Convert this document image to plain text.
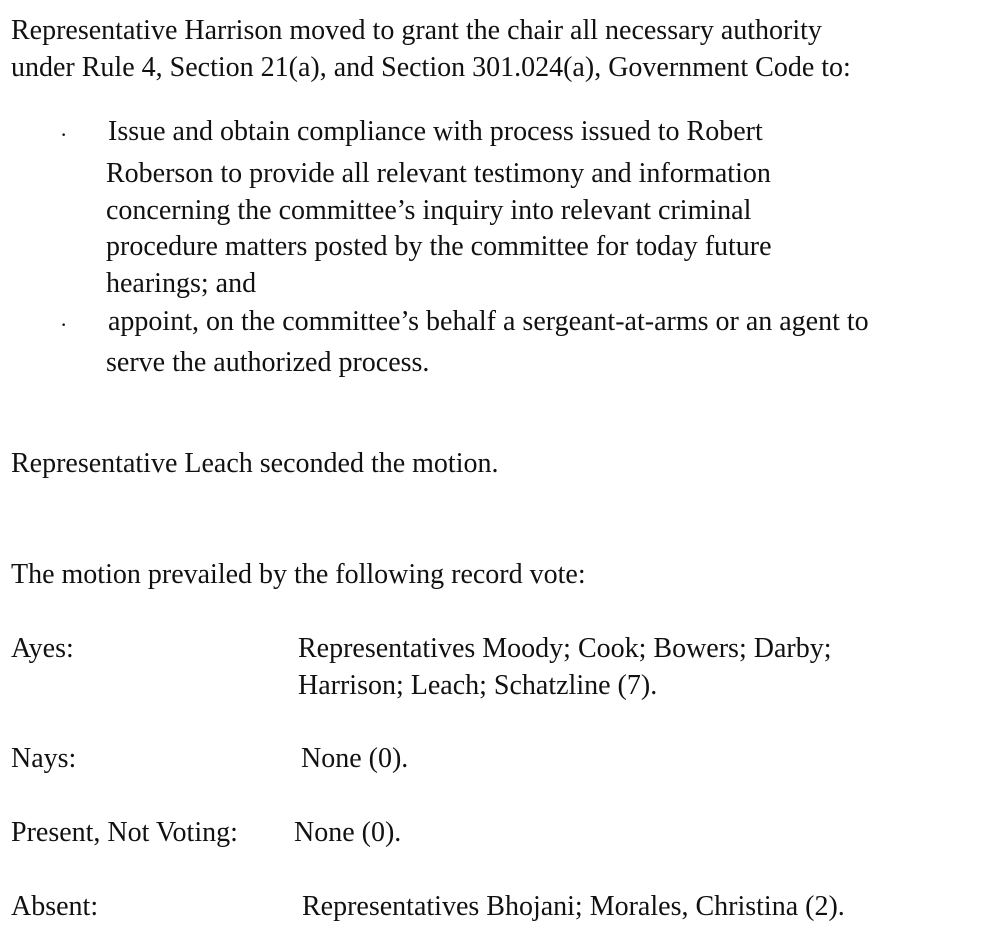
Representative Harrison moved to grant the chair all necessary authority
under Rule 4, Section 21(a), and Section 301.024(a), Government Code to:
· Issue and obtain compliance with process issued to Robert
Roberson to provide all relevant testimony and information
concerning the committee’s inquiry into relevant criminal
procedure matters posted by the committee for today future
hearings; and
· appoint, on the committee’s behalf a sergeant-at-arms or an agent to
serve the authorized process.
Representative Leach seconded the motion.
The motion prevailed by the following record vote:
Ayes:	Representatives Moody; Cook; Bowers; Darby;
Harrison; Leach; Schatzline (7).
Nays:	None (0).
Present, Not Voting: None (0).
Absent:	Representatives Bhojani; Morales, Christina (2).
